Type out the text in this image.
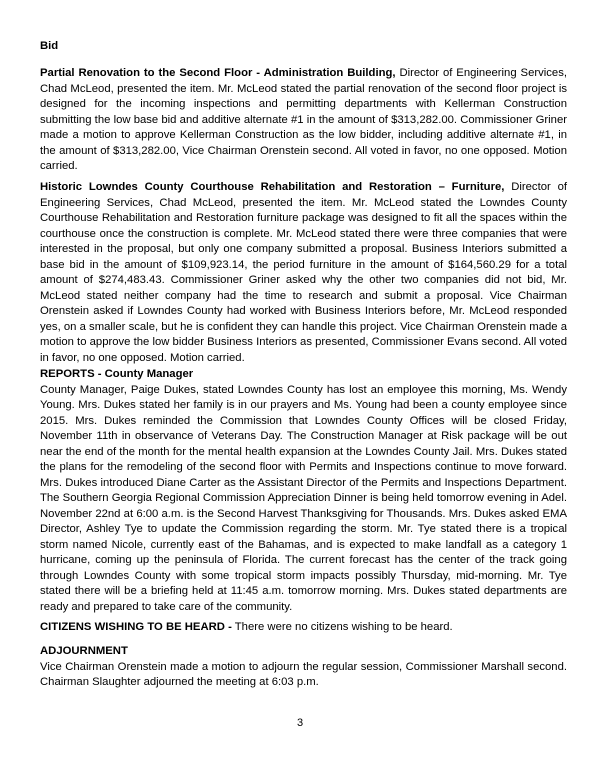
Bid

Partial Renovation to the Second Floor - Administration Building, Director of Engineering Services, Chad McLeod, presented the item. Mr. McLeod stated the partial renovation of the second floor project is designed for the incoming inspections and permitting departments with Kellerman Construction submitting the low base bid and additive alternate #1 in the amount of $313,282.00. Commissioner Griner made a motion to approve Kellerman Construction as the low bidder, including additive alternate #1, in the amount of $313,282.00, Vice Chairman Orenstein second. All voted in favor, no one opposed. Motion carried.

Historic Lowndes County Courthouse Rehabilitation and Restoration – Furniture, Director of Engineering Services, Chad McLeod, presented the item. Mr. McLeod stated the Lowndes County Courthouse Rehabilitation and Restoration furniture package was designed to fit all the spaces within the courthouse once the construction is complete. Mr. McLeod stated there were three companies that were interested in the proposal, but only one company submitted a proposal. Business Interiors submitted a base bid in the amount of $109,923.14, the period furniture in the amount of $164,560.29 for a total amount of $274,483.43. Commissioner Griner asked why the other two companies did not bid, Mr. McLeod stated neither company had the time to research and submit a proposal. Vice Chairman Orenstein asked if Lowndes County had worked with Business Interiors before, Mr. McLeod responded yes, on a smaller scale, but he is confident they can handle this project. Vice Chairman Orenstein made a motion to approve the low bidder Business Interiors as presented, Commissioner Evans second. All voted in favor, no one opposed. Motion carried.

REPORTS - County Manager

County Manager, Paige Dukes, stated Lowndes County has lost an employee this morning, Ms. Wendy Young. Mrs. Dukes stated her family is in our prayers and Ms. Young had been a county employee since 2015. Mrs. Dukes reminded the Commission that Lowndes County Offices will be closed Friday, November 11th in observance of Veterans Day. The Construction Manager at Risk package will be out near the end of the month for the mental health expansion at the Lowndes County Jail. Mrs. Dukes stated the plans for the remodeling of the second floor with Permits and Inspections continue to move forward. Mrs. Dukes introduced Diane Carter as the Assistant Director of the Permits and Inspections Department. The Southern Georgia Regional Commission Appreciation Dinner is being held tomorrow evening in Adel. November 22nd at 6:00 a.m. is the Second Harvest Thanksgiving for Thousands. Mrs. Dukes asked EMA Director, Ashley Tye to update the Commission regarding the storm. Mr. Tye stated there is a tropical storm named Nicole, currently east of the Bahamas, and is expected to make landfall as a category 1 hurricane, coming up the peninsula of Florida. The current forecast has the center of the track going through Lowndes County with some tropical storm impacts possibly Thursday, mid-morning. Mr. Tye stated there will be a briefing held at 11:45 a.m. tomorrow morning. Mrs. Dukes stated departments are ready and prepared to take care of the community.

CITIZENS WISHING TO BE HEARD - There were no citizens wishing to be heard.

ADJOURNMENT

Vice Chairman Orenstein made a motion to adjourn the regular session, Commissioner Marshall second. Chairman Slaughter adjourned the meeting at 6:03 p.m.

3
